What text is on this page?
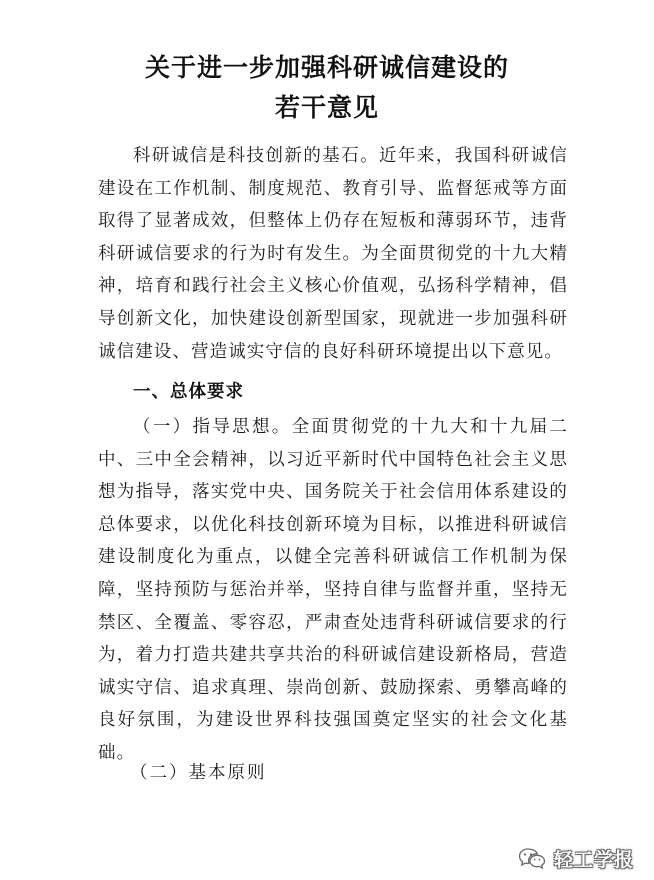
关于进一步加强科研诚信建设的
若干意见

科研诚信是科技创新的基石。近年来，我国科研诚信建设在工作机制、制度规范、教育引导、监督惩戒等方面取得了显著成效，但整体上仍存在短板和薄弱环节，违背科研诚信要求的行为时有发生。为全面贯彻党的十九大精神，培育和践行社会主义核心价值观，弘扬科学精神，倡导创新文化，加快建设创新型国家，现就进一步加强科研诚信建设、营造诚实守信的良好科研环境提出以下意见。

一、总体要求

（一）指导思想。全面贯彻党的十九大和十九届二中、三中全会精神，以习近平新时代中国特色社会主义思想为指导，落实党中央、国务院关于社会信用体系建设的总体要求，以优化科技创新环境为目标，以推进科研诚信建设制度化为重点，以健全完善科研诚信工作机制为保障，坚持预防与惩治并举，坚持自律与监督并重，坚持无禁区、全覆盖、零容忍，严肃查处违背科研诚信要求的行为，着力打造共建共享共治的科研诚信建设新格局，营造诚实守信、追求真理、崇尚创新、鼓励探索、勇攀高峰的良好氛围，为建设世界科技强国奠定坚实的社会文化基础。

（二）基本原则
轻工学报
